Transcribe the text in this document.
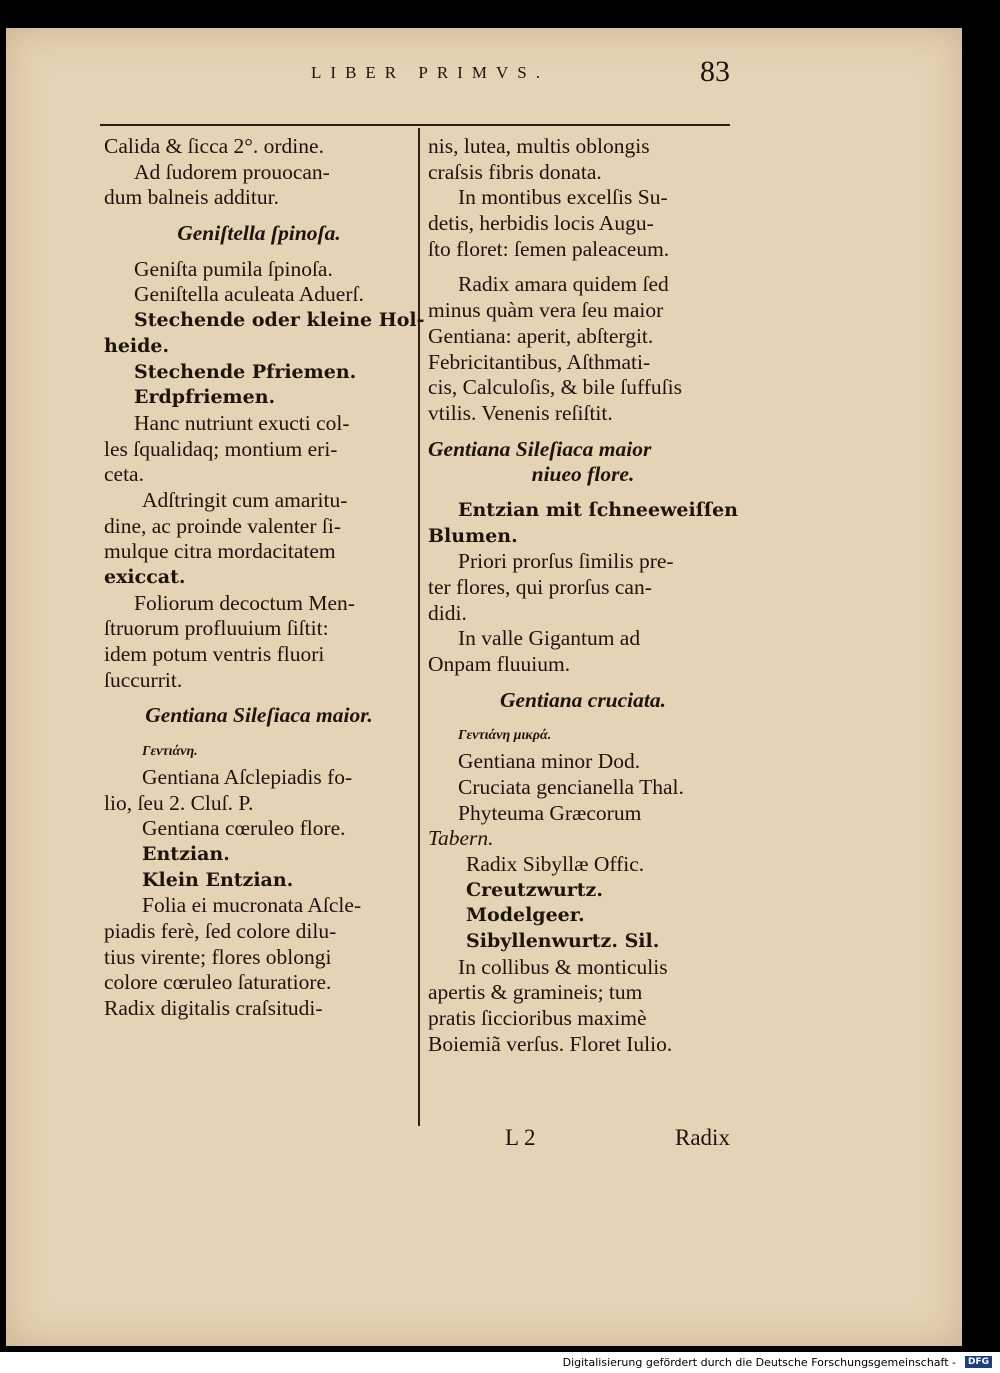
LIBER PRIMVS.	83
Calida & ſicca 2°. ordine.
Ad ſudorem prouocan-
dum balneis additur.
Geniſtella ſpinoſa.
Geniſta pumila ſpinoſa.
Geniſtella aculeata Aduerſ.
Stechende oder kleine Hol-
heide.
Stechende Pfriemen.
Erdpfriemen.
Hanc nutriunt exucti col-
les ſqualidaq; montium eri-
ceta.
Adſtringit cum amaritu-
dine, ac proinde valenter ſi-
mulque citra mordacitatem
exiccat.
Foliorum decoctum Men-
ſtruorum profluuium ſiſtit:
idem potum ventris fluori
ſuccurrit.
Gentiana Sileſiaca maior.
Γεντιάνη.
Gentiana Aſclepiadis fo-
lio, ſeu 2. Cluſ. P.
Gentiana cœruleo flore.
Entzian.
Klein Entzian.
Folia ei mucronata Aſcle-
piadis ferè, ſed colore dilu-
tius virente; flores oblongi
colore cœruleo ſaturatiore.
Radix digitalis craſsitudi-
nis, lutea, multis oblongis
craſsis fibris donata.
In montibus excelſis Su-
detis, herbidis locis Augu-
ſto floret: ſemen paleaceum.
Radix amara quidem ſed
minus quàm vera ſeu maior
Gentiana: aperit, abſtergit.
Febricitantibus, Aſthmati-
cis, Calculoſis, & bile ſuffuſis
vtilis. Venenis reſiſtit.
Gentiana Sileſiaca maior
niueo flore.
Entzian mit ſchneeweiſſen
Blumen.
Priori prorſus ſimilis pre-
ter flores, qui prorſus can-
didi.
In valle Gigantum ad
Onpam fluuium.
Gentiana cruciata.
Γεντιάνη μικρά.
Gentiana minor Dod.
Cruciata gencianella Thal.
Phyteuma Græcorum
Tabern.
Radix Sibyllæ Offic.
Creutzwurtz.
Modelgeer.
Sibyllenwurtz. Sil.
In collibus & monticulis
apertis & gramineis; tum
pratis ſiccioribus maximè
Boiemiã verſus. Floret Iulio.
L 2	Radix
Digitalisierung gefördert durch die Deutsche Forschungsgemeinschaft -	DFG
